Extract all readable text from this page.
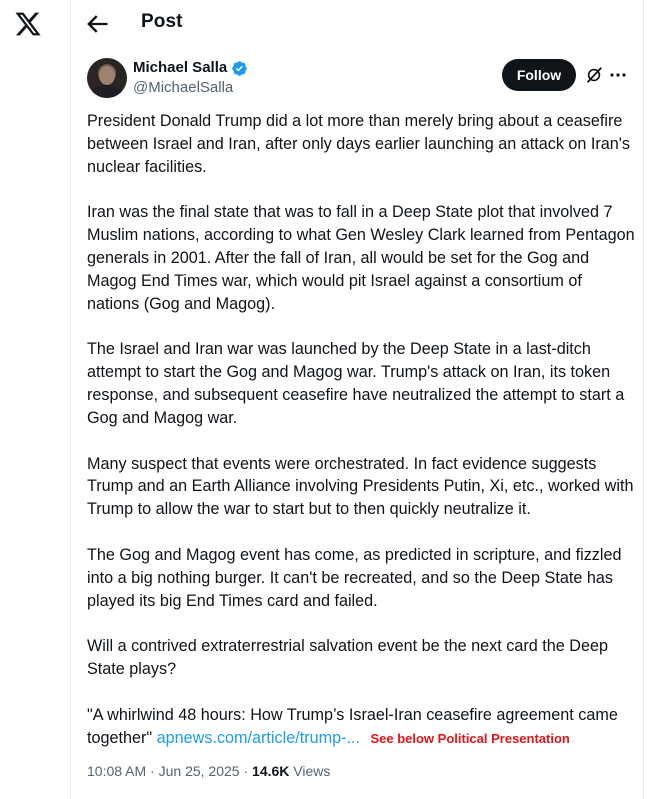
Post
Michael Salla
@MichaelSalla
Follow

President Donald Trump did a lot more than merely bring about a ceasefire between Israel and Iran, after only days earlier launching an attack on Iran's nuclear facilities.

Iran was the final state that was to fall in a Deep State plot that involved 7 Muslim nations, according to what Gen Wesley Clark learned from Pentagon generals in 2001. After the fall of Iran, all would be set for the Gog and Magog End Times war, which would pit Israel against a consortium of nations (Gog and Magog).

The Israel and Iran war was launched by the Deep State in a last-ditch attempt to start the Gog and Magog war. Trump's attack on Iran, its token response, and subsequent ceasefire have neutralized the attempt to start a Gog and Magog war.

Many suspect that events were orchestrated. In fact evidence suggests Trump and an Earth Alliance involving Presidents Putin, Xi, etc., worked with Trump to allow the war to start but to then quickly neutralize it.

The Gog and Magog event has come, as predicted in scripture, and fizzled into a big nothing burger. It can't be recreated, and so the Deep State has played its big End Times card and failed.

Will a contrived extraterrestrial salvation event be the next card the Deep State plays?

"A whirlwind 48 hours: How Trump’s Israel-Iran ceasefire agreement came together" apnews.com/article/trump-... See below Political Presentation

10:08 AM · Jun 25, 2025 · 14.6K Views
